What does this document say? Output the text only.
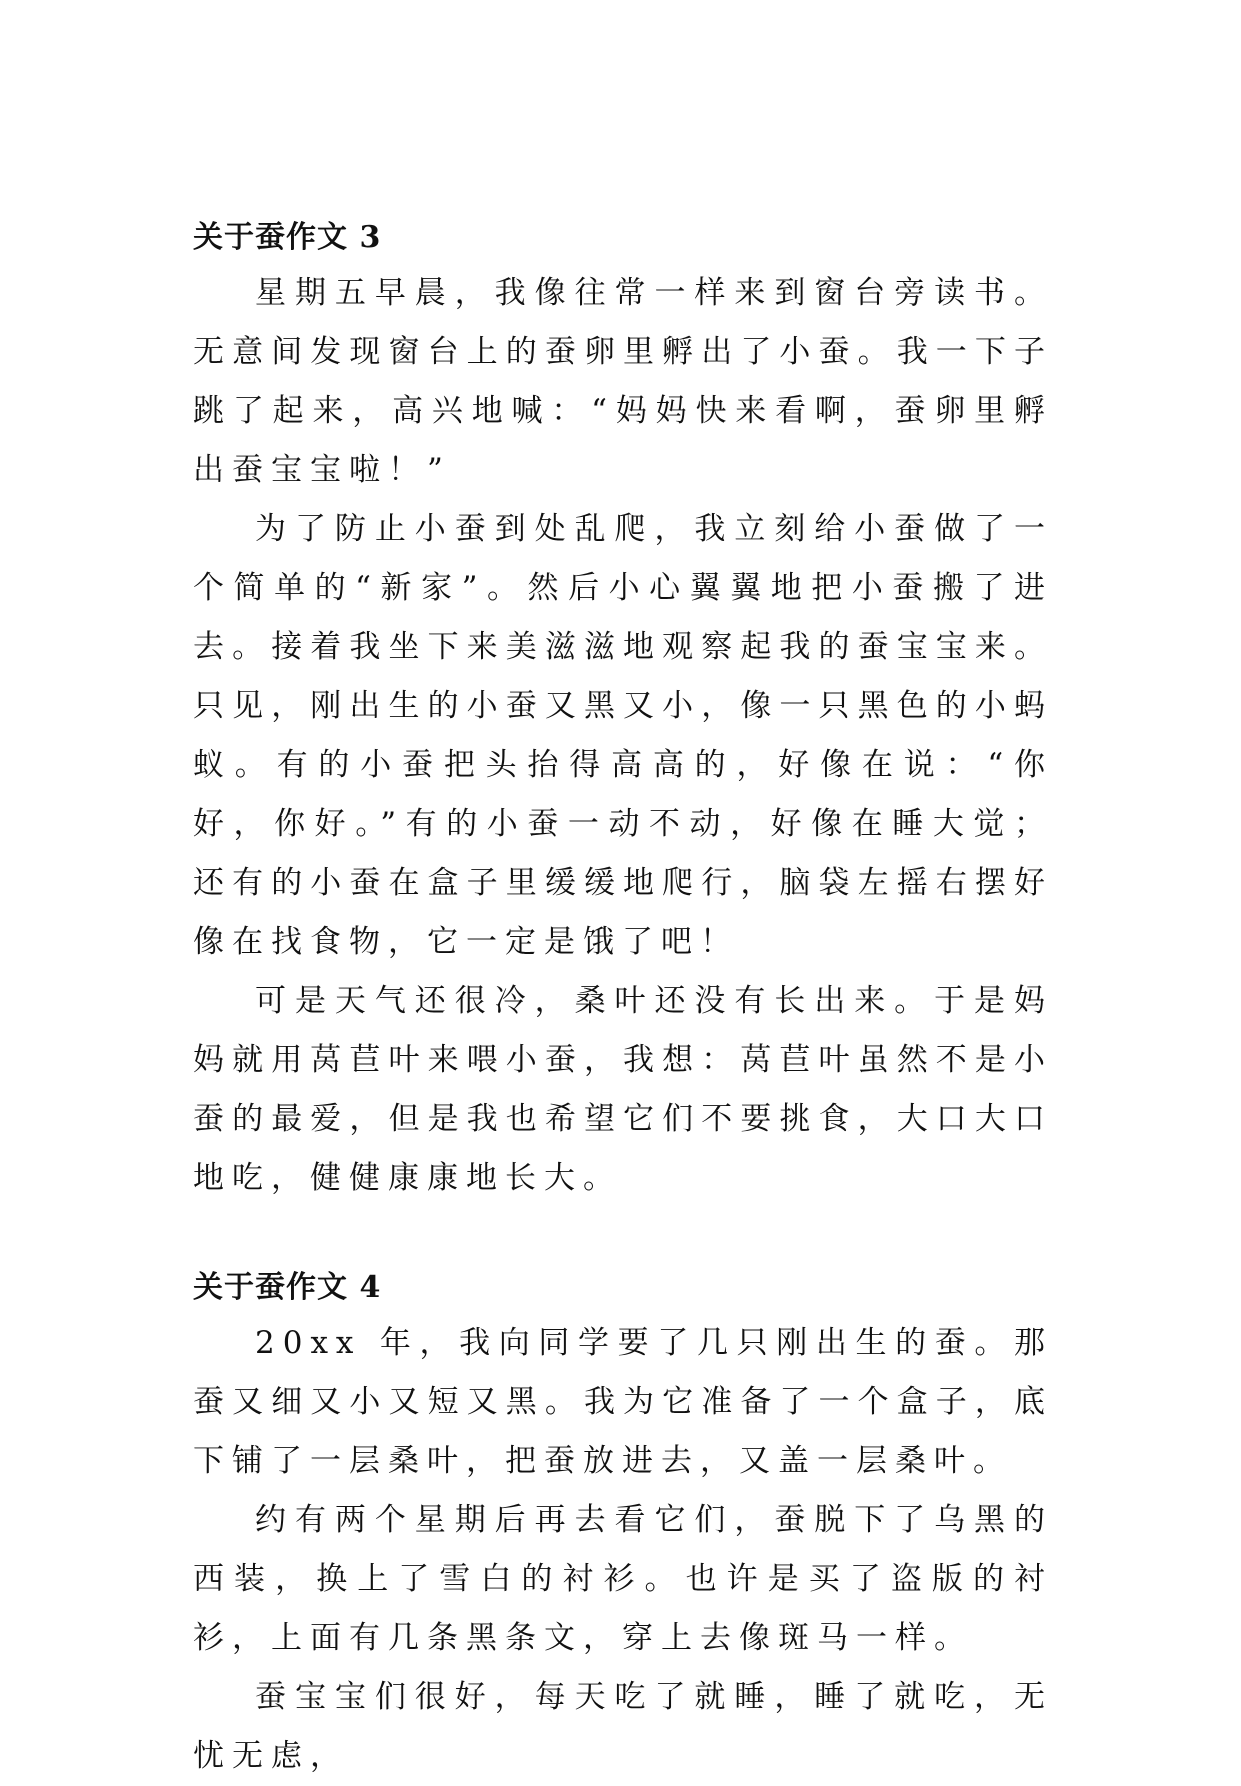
关于蚕作文 3

星期五早晨，我像往常一样来到窗台旁读书。无意间发现窗台上的蚕卵里孵出了小蚕。我一下子跳了起来，高兴地喊：“妈妈快来看啊，蚕卵里孵出蚕宝宝啦！”

为了防止小蚕到处乱爬，我立刻给小蚕做了一个简单的“新家”。然后小心翼翼地把小蚕搬了进去。接着我坐下来美滋滋地观察起我的蚕宝宝来。只见，刚出生的小蚕又黑又小，像一只黑色的小蚂蚁。有的小蚕把头抬得高高的，好像在说：“你好，你好。”有的小蚕一动不动，好像在睡大觉；还有的小蚕在盒子里缓缓地爬行，脑袋左摇右摆好像在找食物，它一定是饿了吧！

可是天气还很冷，桑叶还没有长出来。于是妈妈就用莴苣叶来喂小蚕，我想：莴苣叶虽然不是小蚕的最爱，但是我也希望它们不要挑食，大口大口地吃，健健康康地长大。

关于蚕作文 4

20xx 年，我向同学要了几只刚出生的蚕。那蚕又细又小又短又黑。我为它准备了一个盒子，底下铺了一层桑叶，把蚕放进去，又盖一层桑叶。

约有两个星期后再去看它们，蚕脱下了乌黑的西装，换上了雪白的衬衫。也许是买了盗版的衬衫，上面有几条黑条文，穿上去像斑马一样。

蚕宝宝们很好，每天吃了就睡，睡了就吃，无忧无虑，
